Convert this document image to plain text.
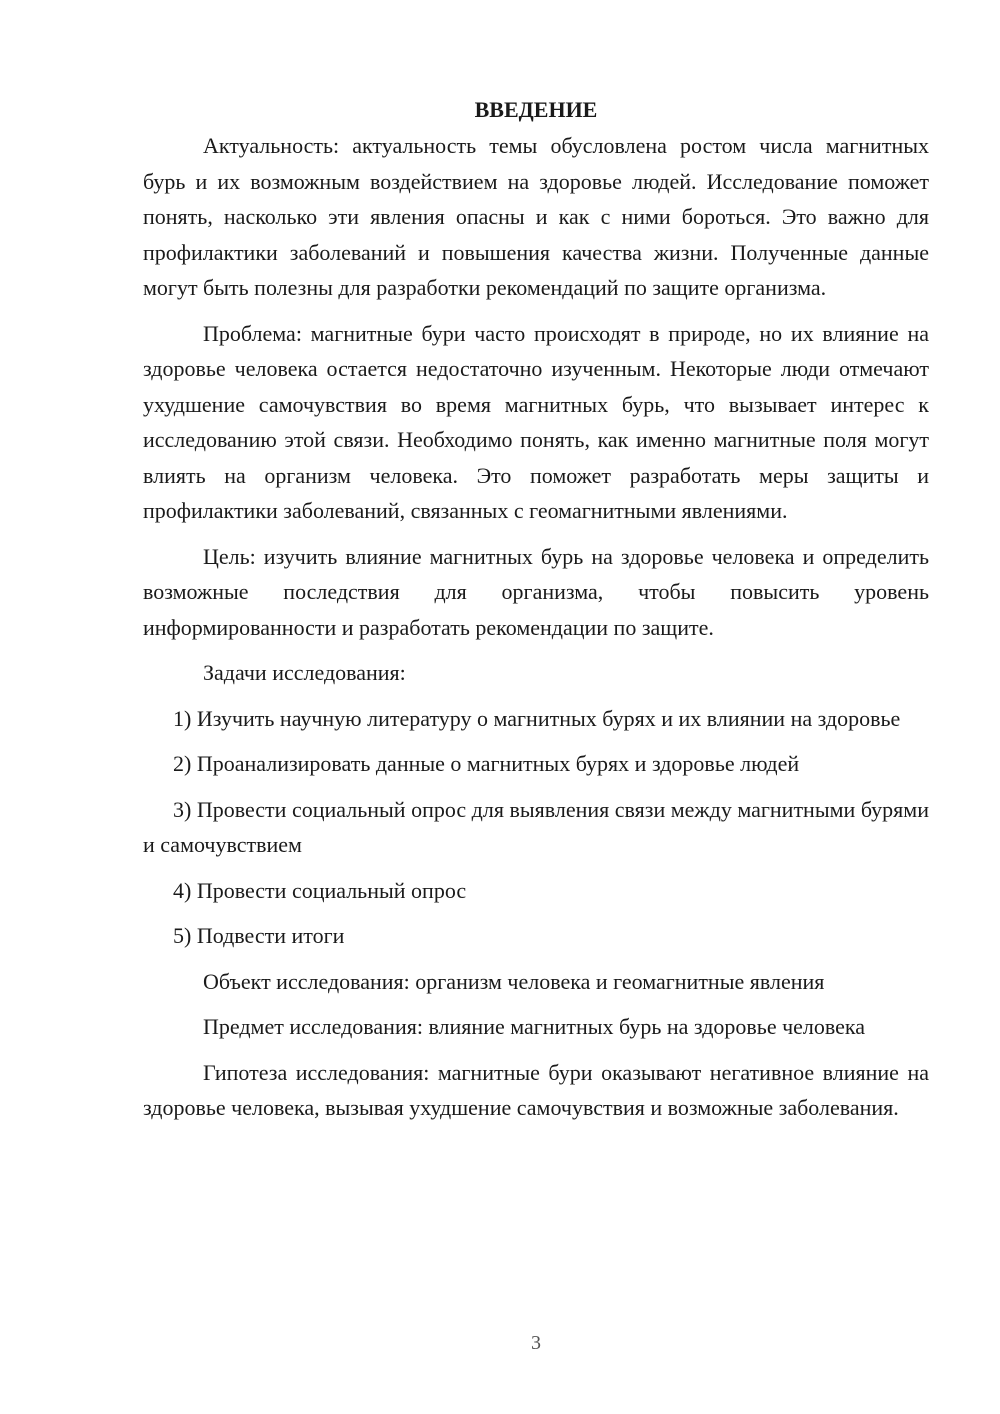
ВВЕДЕНИЕ

Актуальность: актуальность темы обусловлена ростом числа магнитных бурь и их возможным воздействием на здоровье людей. Исследование поможет понять, насколько эти явления опасны и как с ними бороться. Это важно для профилактики заболеваний и повышения качества жизни. Полученные данные могут быть полезны для разработки рекомендаций по защите организма.

Проблема: магнитные бури часто происходят в природе, но их влияние на здоровье человека остается недостаточно изученным. Некоторые люди отмечают ухудшение самочувствия во время магнитных бурь, что вызывает интерес к исследованию этой связи. Необходимо понять, как именно магнитные поля могут влиять на организм человека. Это поможет разработать меры защиты и профилактики заболеваний, связанных с геомагнитными явлениями.

Цель: изучить влияние магнитных бурь на здоровье человека и определить возможные последствия для организма, чтобы повысить уровень информированности и разработать рекомендации по защите.

Задачи исследования:

1) Изучить научную литературу о магнитных бурях и их влиянии на здоровье

2) Проанализировать данные о магнитных бурях и здоровье людей

3) Провести социальный опрос для выявления связи между магнитными бурями и самочувствием

4) Провести социальный опрос

5) Подвести итоги

Объект исследования: организм человека и геомагнитные явления

Предмет исследования: влияние магнитных бурь на здоровье человека

Гипотеза исследования: магнитные бури оказывают негативное влияние на здоровье человека, вызывая ухудшение самочувствия и возможные заболевания.

3
